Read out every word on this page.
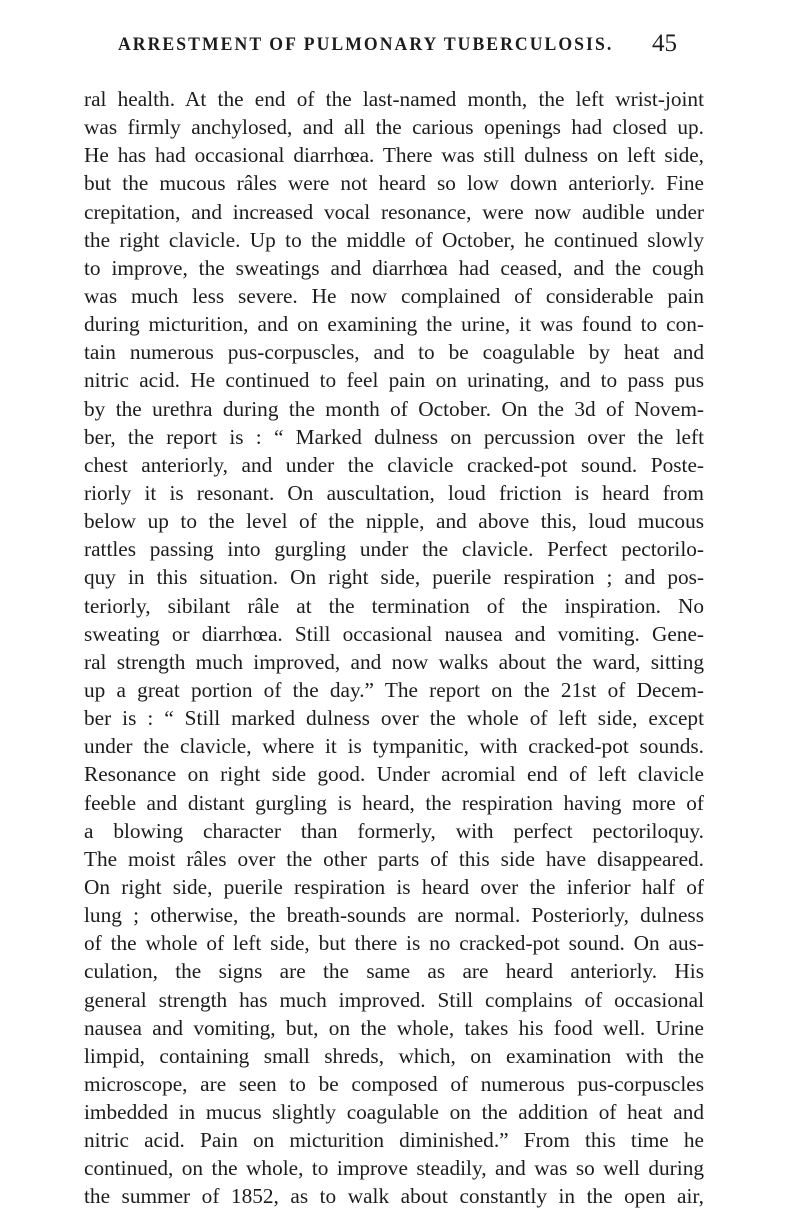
ARRESTMENT OF PULMONARY TUBERCULOSIS. 45
ral health. At the end of the last-named month, the left wrist-joint
was firmly anchylosed, and all the carious openings had closed up.
He has had occasional diarrhœa. There was still dulness on left side,
but the mucous râles were not heard so low down anteriorly. Fine
crepitation, and increased vocal resonance, were now audible under
the right clavicle. Up to the middle of October, he continued slowly
to improve, the sweatings and diarrhœa had ceased, and the cough
was much less severe. He now complained of considerable pain
during micturition, and on examining the urine, it was found to con-
tain numerous pus-corpuscles, and to be coagulable by heat and
nitric acid. He continued to feel pain on urinating, and to pass pus
by the urethra during the month of October. On the 3d of Novem-
ber, the report is : “ Marked dulness on percussion over the left
chest anteriorly, and under the clavicle cracked-pot sound. Poste-
riorly it is resonant. On auscultation, loud friction is heard from
below up to the level of the nipple, and above this, loud mucous
rattles passing into gurgling under the clavicle. Perfect pectorilo-
quy in this situation. On right side, puerile respiration ; and pos-
teriorly, sibilant râle at the termination of the inspiration. No
sweating or diarrhœa. Still occasional nausea and vomiting. Gene-
ral strength much improved, and now walks about the ward, sitting
up a great portion of the day.” The report on the 21st of Decem-
ber is : “ Still marked dulness over the whole of left side, except
under the clavicle, where it is tympanitic, with cracked-pot sounds.
Resonance on right side good. Under acromial end of left clavicle
feeble and distant gurgling is heard, the respiration having more of
a blowing character than formerly, with perfect pectoriloquy.
The moist râles over the other parts of this side have disappeared.
On right side, puerile respiration is heard over the inferior half of
lung ; otherwise, the breath-sounds are normal. Posteriorly, dulness
of the whole of left side, but there is no cracked-pot sound. On aus-
culation, the signs are the same as are heard anteriorly. His
general strength has much improved. Still complains of occasional
nausea and vomiting, but, on the whole, takes his food well. Urine
limpid, containing small shreds, which, on examination with the
microscope, are seen to be composed of numerous pus-corpuscles
imbedded in mucus slightly coagulable on the addition of heat and
nitric acid. Pain on micturition diminished.” From this time he
continued, on the whole, to improve steadily, and was so well during
the summer of 1852, as to walk about constantly in the open air,
